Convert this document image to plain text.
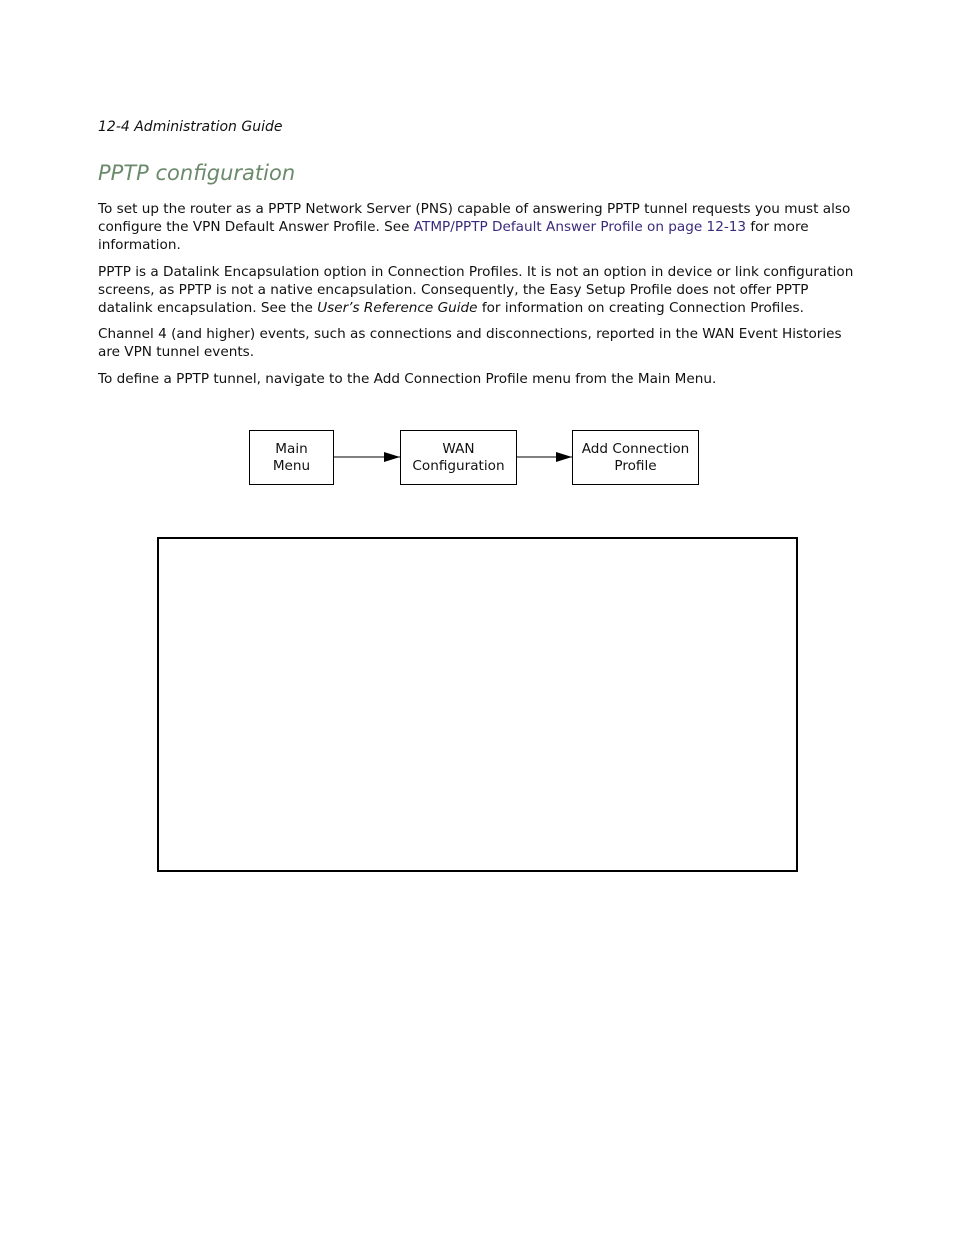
12-4 Administration Guide
PPTP configuration

To set up the router as a PPTP Network Server (PNS) capable of answering PPTP tunnel requests you must also configure the VPN Default Answer Profile. See ATMP/PPTP Default Answer Profile on page 12-13 for more information.

PPTP is a Datalink Encapsulation option in Connection Profiles. It is not an option in device or link configuration screens, as PPTP is not a native encapsulation. Consequently, the Easy Setup Profile does not offer PPTP datalink encapsulation. See the User’s Reference Guide for information on creating Connection Profiles.

Channel 4 (and higher) events, such as connections and disconnections, reported in the WAN Event Histories are VPN tunnel events.

To define a PPTP tunnel, navigate to the Add Connection Profile menu from the Main Menu.

Main
Menu
WAN
Configuration
Add Connection
Profile
